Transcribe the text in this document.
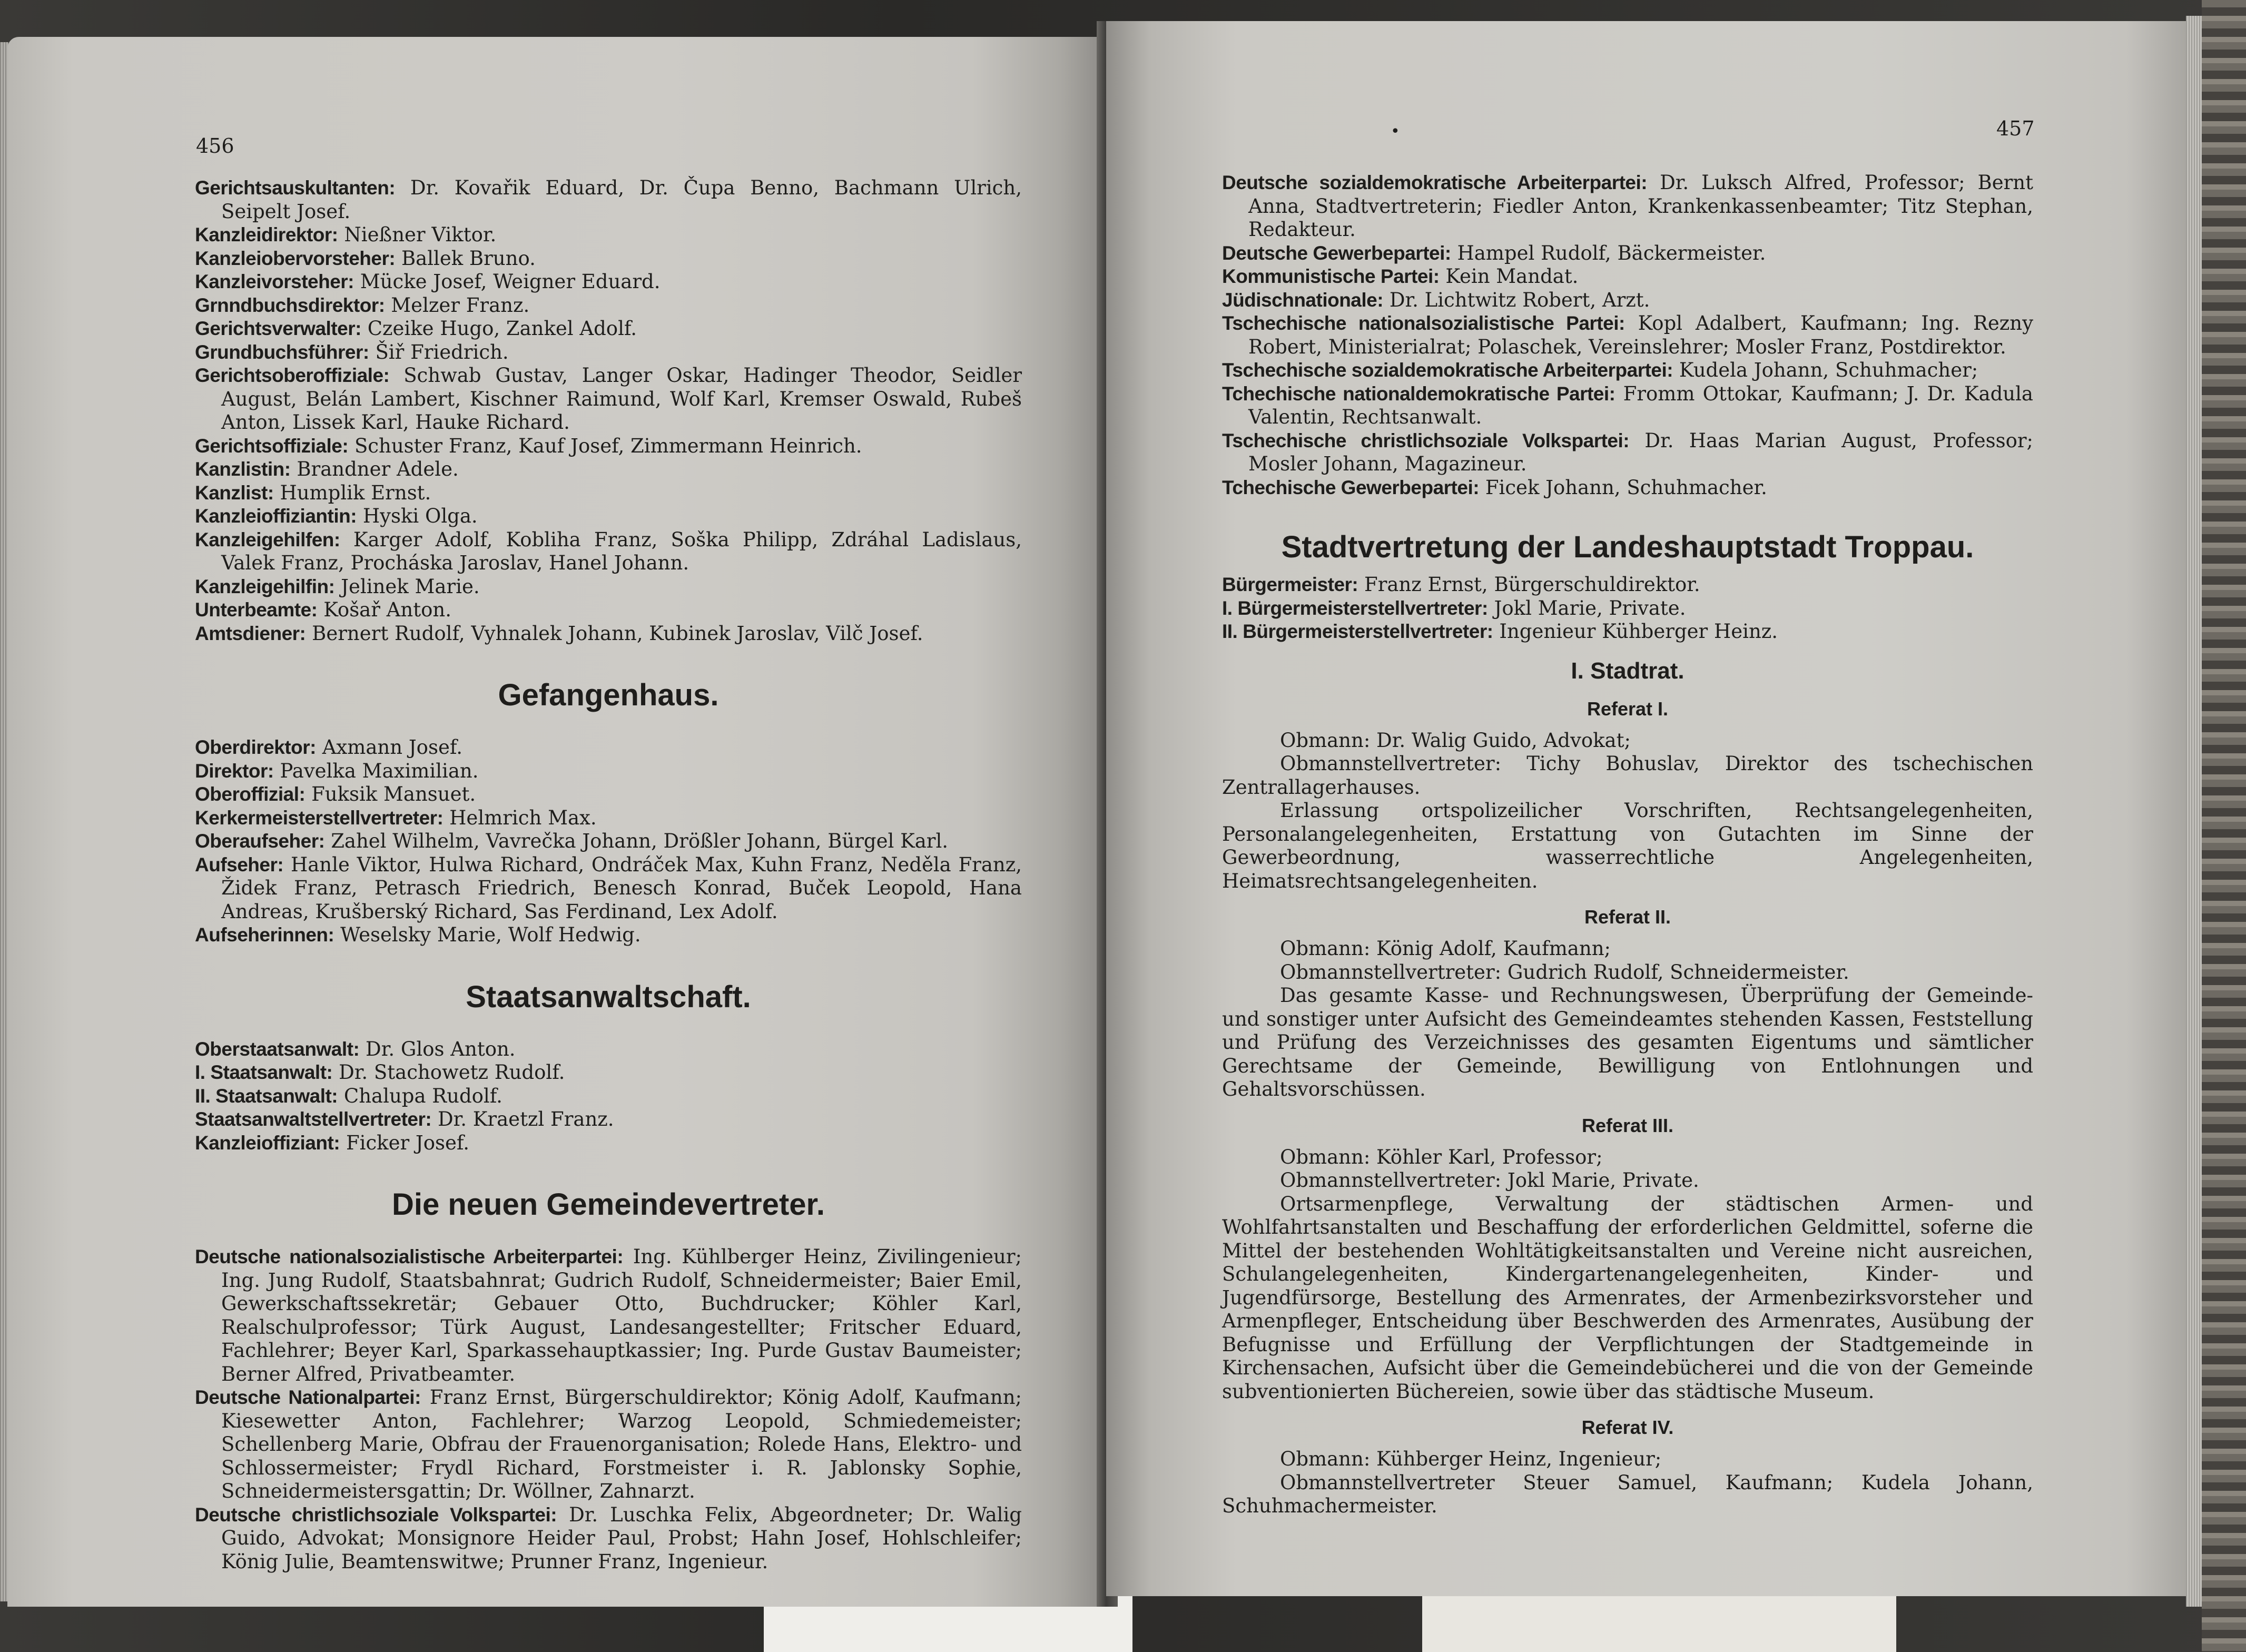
456
Gerichtsauskultanten: Dr. Kovařik Eduard, Dr. Čupa Benno, Bachmann Ulrich, Seipelt Josef.
Kanzleidirektor: Nießner Viktor.
Kanzleiobervorsteher: Ballek Bruno.
Kanzleivorsteher: Mücke Josef, Weigner Eduard.
Grnndbuchsdirektor: Melzer Franz.
Gerichtsverwalter: Czeike Hugo, Zankel Adolf.
Grundbuchsführer: Šiř Friedrich.
Gerichtsoberoffiziale: Schwab Gustav, Langer Oskar, Hadinger Theodor, Seidler August, Belán Lambert, Kischner Raimund, Wolf Karl, Kremser Oswald, Rubeš Anton, Lissek Karl, Hauke Richard.
Gerichtsoffiziale: Schuster Franz, Kauf Josef, Zimmermann Heinrich.
Kanzlistin: Brandner Adele.
Kanzlist: Humplik Ernst.
Kanzleioffiziantin: Hyski Olga.
Kanzleigehilfen: Karger Adolf, Kobliha Franz, Soška Philipp, Zdráhal Ladislaus, Valek Franz, Procháska Jaroslav, Hanel Johann.
Kanzleigehilfin: Jelinek Marie.
Unterbeamte: Košař Anton.
Amtsdiener: Bernert Rudolf, Vyhnalek Johann, Kubinek Jaroslav, Vilč Josef.
Gefangenhaus.
Oberdirektor: Axmann Josef.
Direktor: Pavelka Maximilian.
Oberoffizial: Fuksik Mansuet.
Kerkermeisterstellvertreter: Helmrich Max.
Oberaufseher: Zahel Wilhelm, Vavrečka Johann, Drößler Johann, Bürgel Karl.
Aufseher: Hanle Viktor, Hulwa Richard, Ondráček Max, Kuhn Franz, Neděla Franz, Židek Franz, Petrasch Friedrich, Benesch Konrad, Buček Leopold, Hana Andreas, Krušberský Richard, Sas Ferdinand, Lex Adolf.
Aufseherinnen: Weselsky Marie, Wolf Hedwig.
Staatsanwaltschaft.
Oberstaatsanwalt: Dr. Glos Anton.
I. Staatsanwalt: Dr. Stachowetz Rudolf.
II. Staatsanwalt: Chalupa Rudolf.
Staatsanwaltstellvertreter: Dr. Kraetzl Franz.
Kanzleioffiziant: Ficker Josef.
Die neuen Gemeindevertreter.
Deutsche nationalsozialistische Arbeiterpartei: Ing. Kühlberger Heinz, Zivilingenieur; Ing. Jung Rudolf, Staatsbahnrat; Gudrich Rudolf, Schneidermeister; Baier Emil, Gewerkschaftssekretär; Gebauer Otto, Buchdrucker; Köhler Karl, Realschulprofessor; Türk August, Landesangestellter; Fritscher Eduard, Fachlehrer; Beyer Karl, Sparkassehauptkassier; Ing. Purde Gustav Baumeister; Berner Alfred, Privatbeamter.
Deutsche Nationalpartei: Franz Ernst, Bürgerschuldirektor; König Adolf, Kaufmann; Kiesewetter Anton, Fachlehrer; Warzog Leopold, Schmiedemeister; Schellenberg Marie, Obfrau der Frauenorganisation; Rolede Hans, Elektro- und Schlossermeister; Frydl Richard, Forstmeister i. R. Jablonsky Sophie, Schneidermeistersgattin; Dr. Wöllner, Zahnarzt.
Deutsche christlichsoziale Volkspartei: Dr. Luschka Felix, Abgeordneter; Dr. Walig Guido, Advokat; Monsignore Heider Paul, Probst; Hahn Josef, Hohlschleifer; König Julie, Beamtenswitwe; Prunner Franz, Ingenieur.
•	457
Deutsche sozialdemokratische Arbeiterpartei: Dr. Luksch Alfred, Professor; Bernt Anna, Stadtvertreterin; Fiedler Anton, Krankenkassenbeamter; Titz Stephan, Redakteur.
Deutsche Gewerbepartei: Hampel Rudolf, Bäckermeister.
Kommunistische Partei: Kein Mandat.
Jüdischnationale: Dr. Lichtwitz Robert, Arzt.
Tschechische nationalsozialistische Partei: Kopl Adalbert, Kaufmann; Ing. Rezny Robert, Ministerialrat; Polaschek, Vereinslehrer; Mosler Franz, Postdirektor.
Tschechische sozialdemokratische Arbeiterpartei: Kudela Johann, Schuhmacher;
Tchechische nationaldemokratische Partei: Fromm Ottokar, Kaufmann; J. Dr. Kadula Valentin, Rechtsanwalt.
Tschechische christlichsoziale Volkspartei: Dr. Haas Marian August, Professor; Mosler Johann, Magazineur.
Tchechische Gewerbepartei: Ficek Johann, Schuhmacher.
Stadtvertretung der Landeshauptstadt Troppau.
Bürgermeister: Franz Ernst, Bürgerschuldirektor.
I. Bürgermeisterstellvertreter: Jokl Marie, Private.
II. Bürgermeisterstellvertreter: Ingenieur Kühberger Heinz.
I. Stadtrat.
Referat I.
Obmann: Dr. Walig Guido, Advokat;
Obmannstellvertreter: Tichy Bohuslav, Direktor des tschechischen Zentrallagerhauses.
Erlassung ortspolizeilicher Vorschriften, Rechtsangelegenheiten, Personalangelegenheiten, Erstattung von Gutachten im Sinne der Gewerbeordnung, wasserrechtliche Angelegenheiten, Heimatsrechtsangelegenheiten.
Referat II.
Obmann: König Adolf, Kaufmann;
Obmannstellvertreter: Gudrich Rudolf, Schneidermeister.
Das gesamte Kasse- und Rechnungswesen, Überprüfung der Gemeinde- und sonstiger unter Aufsicht des Gemeindeamtes stehenden Kassen, Feststellung und Prüfung des Verzeichnisses des gesamten Eigentums und sämtlicher Gerechtsame der Gemeinde, Bewilligung von Entlohnungen und Gehaltsvorschüssen.
Referat III.
Obmann: Köhler Karl, Professor;
Obmannstellvertreter: Jokl Marie, Private.
Ortsarmenpflege, Verwaltung der städtischen Armen- und Wohlfahrtsanstalten und Beschaffung der erforderlichen Geldmittel, soferne die Mittel der bestehenden Wohltätigkeitsanstalten und Vereine nicht ausreichen, Schulangelegenheiten, Kindergartenangelegenheiten, Kinder- und Jugendfürsorge, Bestellung des Armenrates, der Armenbezirksvorsteher und Armenpfleger, Entscheidung über Beschwerden des Armenrates, Ausübung der Befugnisse und Erfüllung der Verpflichtungen der Stadtgemeinde in Kirchensachen, Aufsicht über die Gemeindebücherei und die von der Gemeinde subventionierten Büchereien, sowie über das städtische Museum.
Referat IV.
Obmann: Kühberger Heinz, Ingenieur;
Obmannstellvertreter Steuer Samuel, Kaufmann; Kudela Johann, Schuhmachermeister.
